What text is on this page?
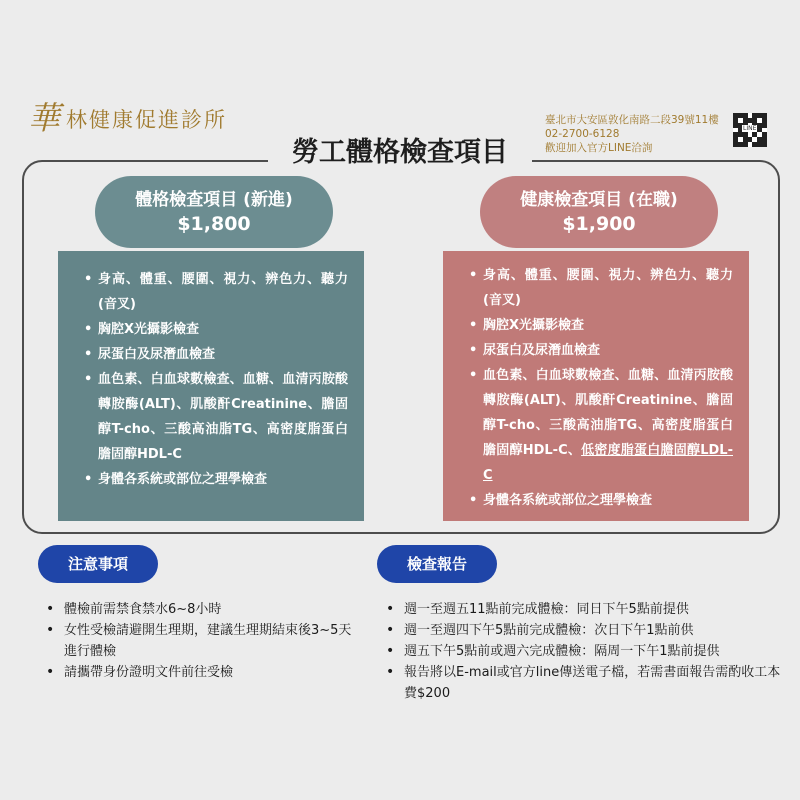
華 林健康促進診所	臺北市大安區敦化南路二段39號11樓
02-2700-6128
歡迎加入官方LINE洽詢
LINE
勞工體格檢查項目
體格檢查項目 (新進)
$1,800
健康檢查項目 (在職)
$1,900
• 身高、體重、腰圍、視力、辨色力、聽力(音叉)
• 胸腔X光攝影檢查
• 尿蛋白及尿潛血檢查
• 血色素、白血球數檢查、血糖、血清丙胺酸轉胺酶(ALT)、肌酸酐Creatinine、膽固醇T-cho、三酸高油脂TG、高密度脂蛋白膽固醇HDL-C
• 身體各系統或部位之理學檢查
• 身高、體重、腰圍、視力、辨色力、聽力(音叉)
• 胸腔X光攝影檢查
• 尿蛋白及尿潛血檢查
• 血色素、白血球數檢查、血糖、血清丙胺酸轉胺酶(ALT)、肌酸酐Creatinine、膽固醇T-cho、三酸高油脂TG、高密度脂蛋白膽固醇HDL-C、低密度脂蛋白膽固醇LDL-C
• 身體各系統或部位之理學檢查
注意事項	檢查報告
• 體檢前需禁食禁水6~8小時
• 女性受檢請避開生理期，建議生理期結束後3~5天進行體檢
• 請攜帶身份證明文件前往受檢
• 週一至週五11點前完成體檢：同日下午5點前提供
• 週一至週四下午5點前完成體檢：次日下午1點前供
• 週五下午5點前或週六完成體檢：隔周一下午1點前提供
• 報告將以E-mail或官方line傳送電子檔，若需書面報告需酌收工本費$200
